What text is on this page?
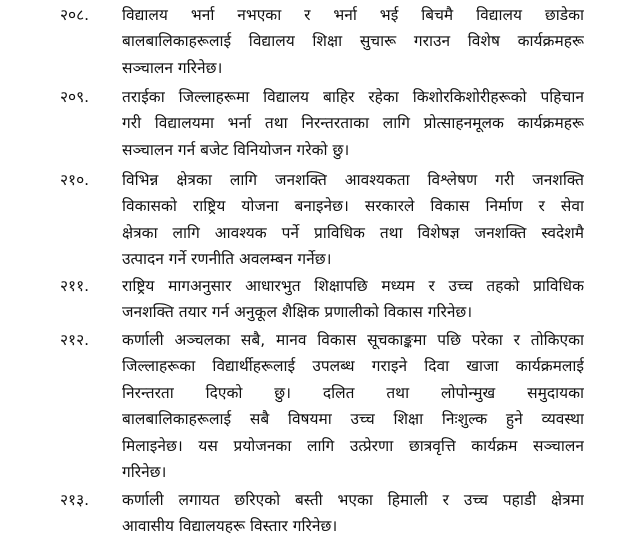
२०८.	विद्यालय भर्ना नभएका र भर्ना भई बिचमै विद्यालय छाडेका
बालबालिकाहरूलाई विद्यालय शिक्षा सुचारू गराउन विशेष कार्यक्रमहरू
सञ्चालन गरिनेछ।
२०९.	तराईका जिल्लाहरूमा विद्यालय बाहिर रहेका किशोरकिशोरीहरूको पहिचान
गरी विद्यालयमा भर्ना तथा निरन्तरताका लागि प्रोत्साहनमूलक कार्यक्रमहरू
सञ्चालन गर्न बजेट विनियोजन गरेको छु।
२१०.	विभिन्न क्षेत्रका लागि जनशक्ति आवश्यकता विश्लेषण गरी जनशक्ति
विकासको राष्ट्रिय योजना बनाइनेछ। सरकारले विकास निर्माण र सेवा
क्षेत्रका लागि आवश्यक पर्ने प्राविधिक तथा विशेषज्ञ जनशक्ति स्वदेशमै
उत्पादन गर्ने रणनीति अवलम्बन गर्नेछ।
२११.	राष्ट्रिय मागअनुसार आधारभुत शिक्षापछि मध्यम र उच्च तहको प्राविधिक
जनशक्ति तयार गर्न अनुकूल शैक्षिक प्रणालीको विकास गरिनेछ।
२१२.	कर्णाली अञ्चलका सबै, मानव विकास सूचकाङ्कमा पछि परेका र तोकिएका
जिल्लाहरूका विद्यार्थीहरूलाई उपलब्ध गराइने दिवा खाजा कार्यक्रमलाई
निरन्तरता दिएको छु। दलित तथा लोपोन्मुख समुदायका
बालबालिकाहरूलाई सबै विषयमा उच्च शिक्षा निःशुल्क हुने व्यवस्था
मिलाइनेछ। यस प्रयोजनका लागि उत्प्रेरणा छात्रवृत्ति कार्यक्रम सञ्चालन
गरिनेछ।
२१३.	कर्णाली लगायत छरिएको बस्ती भएका हिमाली र उच्च पहाडी क्षेत्रमा
आवासीय विद्यालयहरू विस्तार गरिनेछ।
